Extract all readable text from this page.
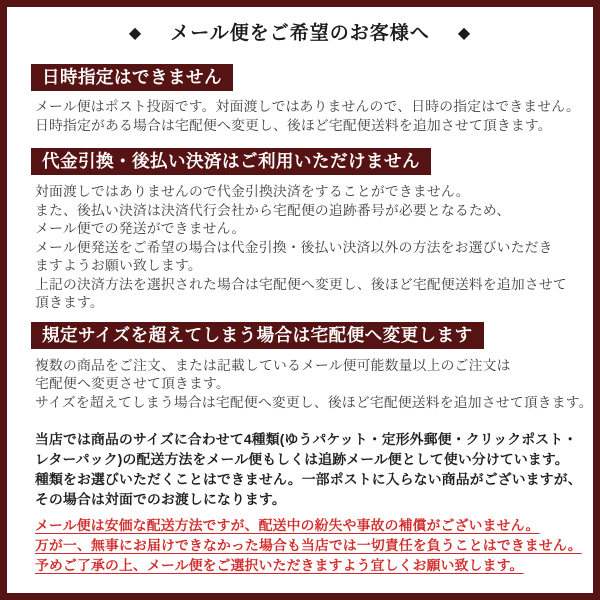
◆ メール便をご希望のお客様へ ◆
日時指定はできません

メール便はポスト投函です。対面渡しではありませんので、日時の指定はできません。

日時指定がある場合は宅配便へ変更し、後ほど宅配便送料を追加させて頂きます。

代金引換・後払い決済はご利用いただけません

対面渡しではありませんので代金引換決済をすることができません。

また、後払い決済は決済代行会社から宅配便の追跡番号が必要となるため、

メール便での発送ができません。

メール便発送をご希望の場合は代金引換・後払い決済以外の方法をお選びいただき

ますようお願い致します。

上記の決済方法を選択された場合は宅配便へ変更し、後ほど宅配便送料を追加させて

頂きます。

規定サイズを超えてしまう場合は宅配便へ変更します

複数の商品をご注文、または記載しているメール便可能数量以上のご注文は

宅配便へ変更させて頂きます。

サイズを超えてしまう場合は宅配便へ変更し、後ほど宅配便送料を追加させて頂きます。

当店では商品のサイズに合わせて4種類(ゆうパケット・定形外郵便・クリックポスト・

レターパック)の配送方法をメール便もしくは追跡メール便として使い分けています。

種類をお選びいただくことはできません。一部ポストに入らない商品がございますが、

その場合は対面でのお渡しになります。

メール便は安価な配送方法ですが、配送中の紛失や事故の補償がございません。

万が一、無事にお届けできなかった場合も当店では一切責任を負うことはできません。

予めご了承の上、メール便をご選択いただきますよう宜しくお願い致します。
